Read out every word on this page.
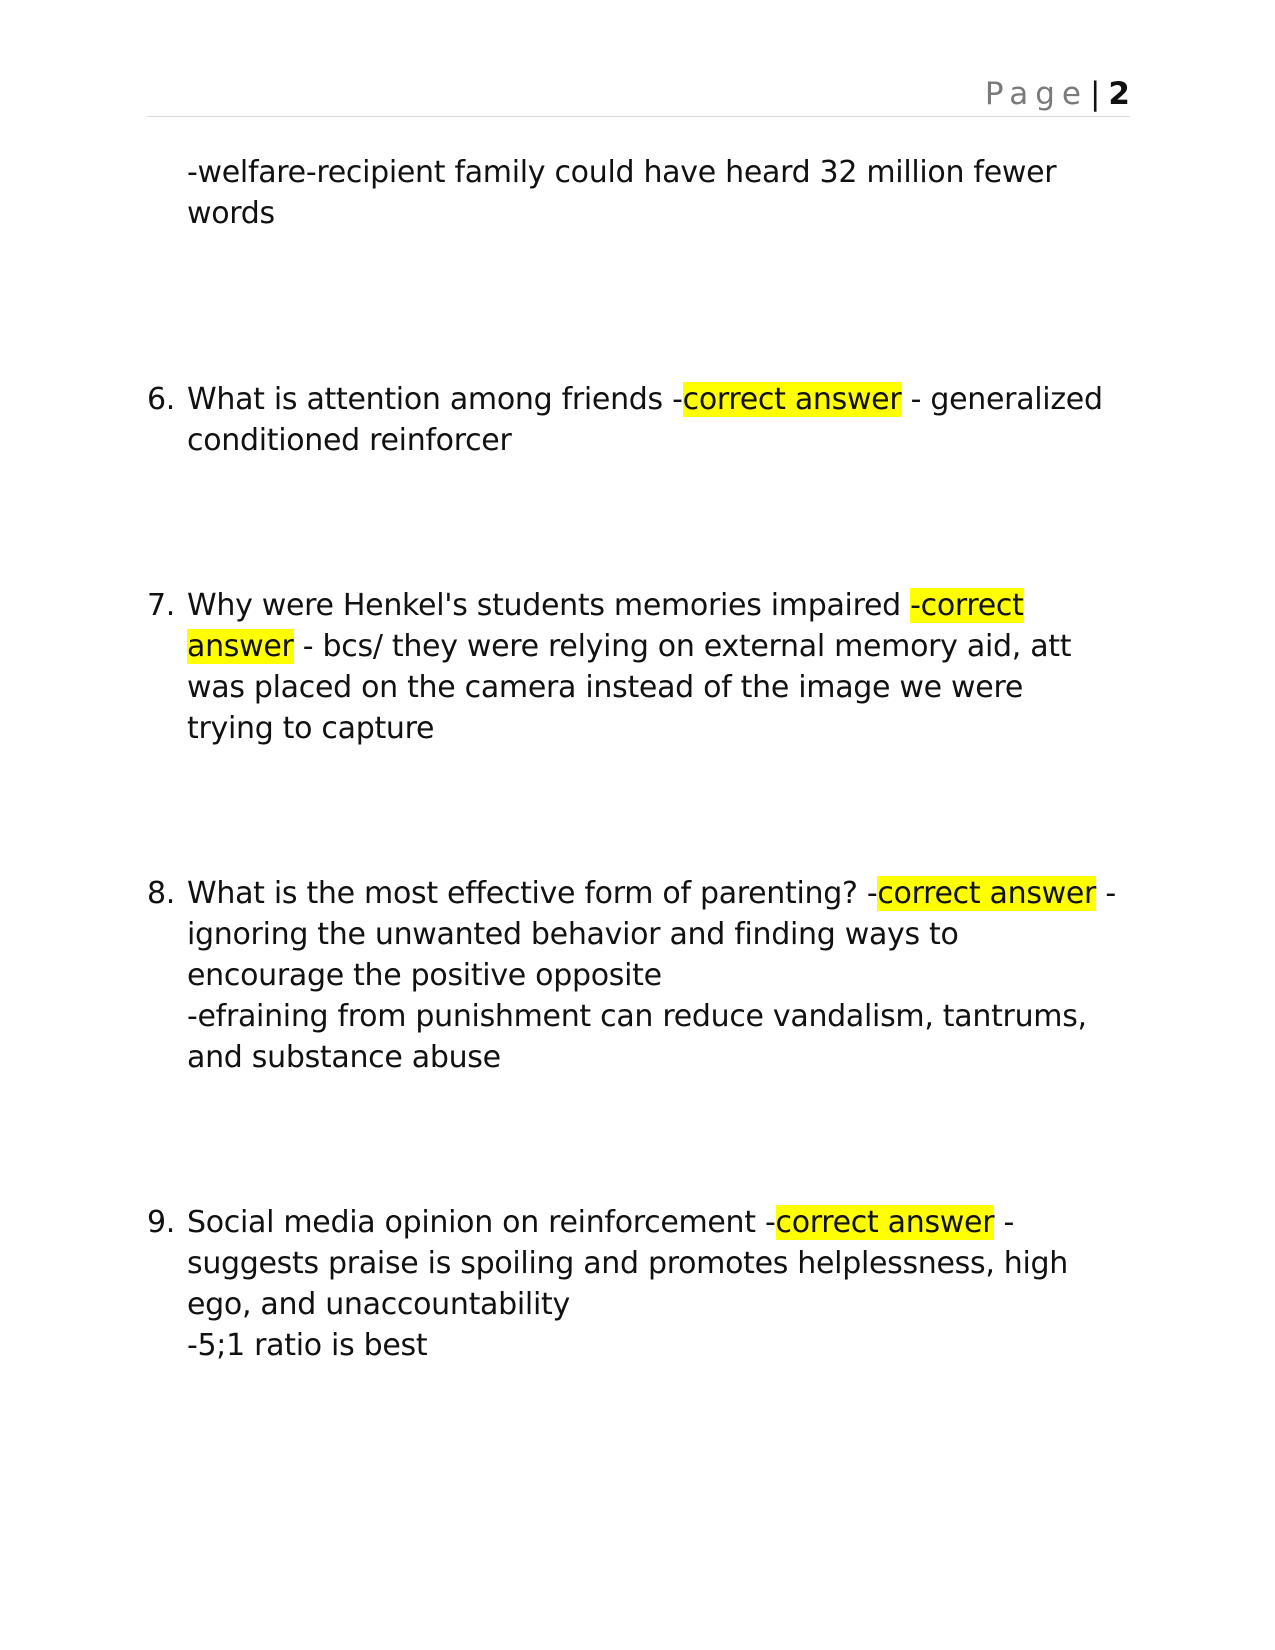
Page| 2
-welfare-recipient family could have heard 32 million fewer words
6. What is attention among friends -correct answer - generalized conditioned reinforcer
7. Why were Henkel's students memories impaired -correct answer - bcs/ they were relying on external memory aid, att was placed on the camera instead of the image we were trying to capture
8. What is the most effective form of parenting? -correct answer - ignoring the unwanted behavior and finding ways to encourage the positive opposite
-efraining from punishment can reduce vandalism, tantrums, and substance abuse
9. Social media opinion on reinforcement -correct answer - suggests praise is spoiling and promotes helplessness, high ego, and unaccountability
-5;1 ratio is best
